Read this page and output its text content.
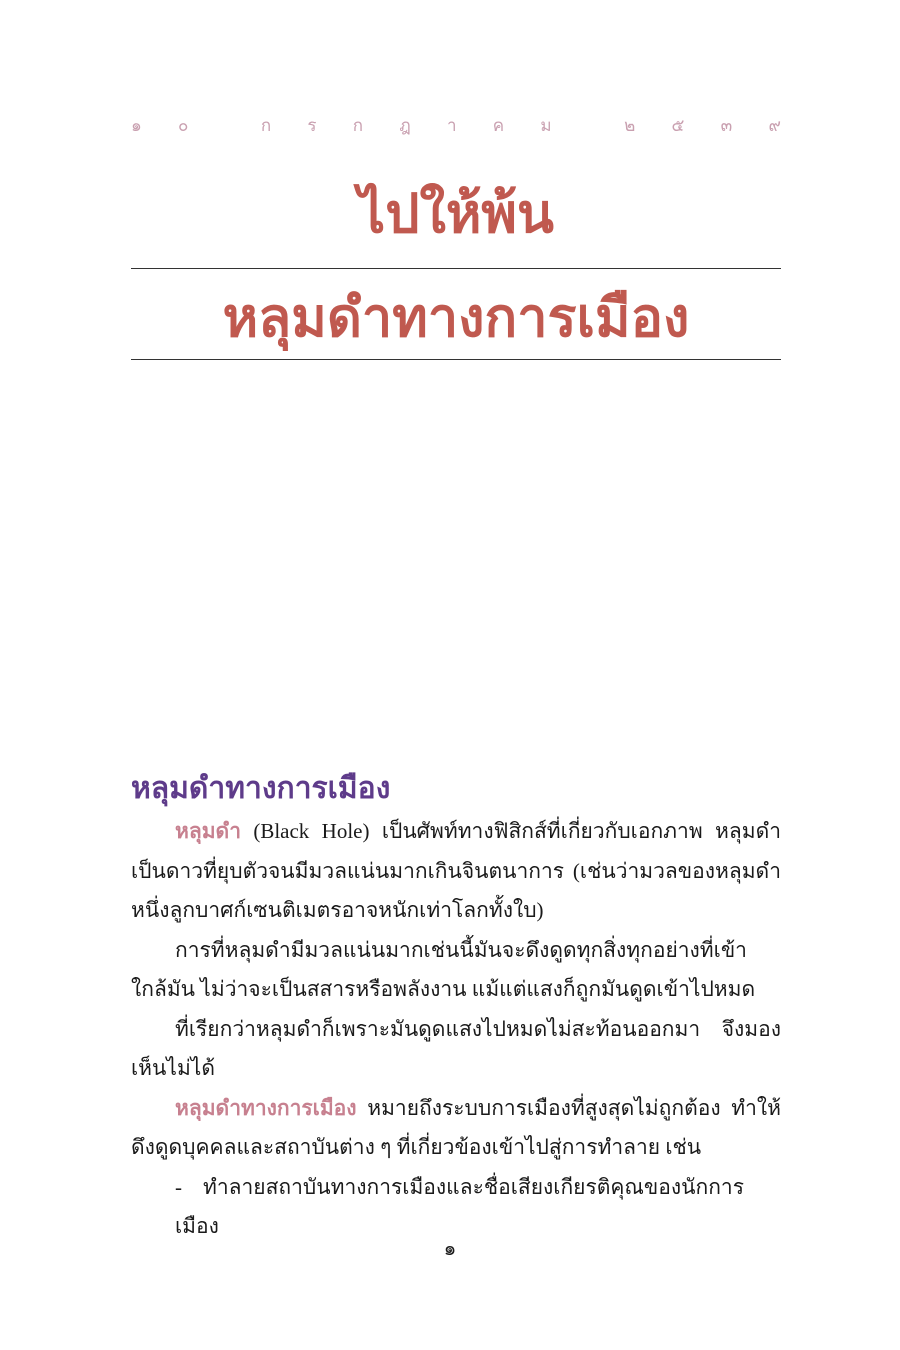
๑ ๐	ก ร ก ฎ า ค ม	๒ ๕ ๓ ๙
ไปให้พ้น
หลุมดำทางการเมือง
หลุมดำทางการเมือง

หลุมดำ (Black Hole) เป็นศัพท์ทางฟิสิกส์ที่เกี่ยวกับเอกภาพ หลุมดำเป็นดาวที่ยุบตัวจนมีมวลแน่นมากเกินจินตนาการ (เช่นว่ามวลของหลุมดำหนึ่งลูกบาศก์เซนติเมตรอาจหนักเท่าโลกทั้งใบ)

การที่หลุมดำมีมวลแน่นมากเช่นนี้มันจะดึงดูดทุกสิ่งทุกอย่างที่เข้าใกล้มัน ไม่ว่าจะเป็นสสารหรือพลังงาน แม้แต่แสงก็ถูกมันดูดเข้าไปหมด

ที่เรียกว่าหลุมดำก็เพราะมันดูดแสงไปหมดไม่สะท้อนออกมา จึงมองเห็นไม่ได้

หลุมดำทางการเมือง หมายถึงระบบการเมืองที่สูงสุดไม่ถูกต้อง ทำให้ดึงดูดบุคคลและสถาบันต่าง ๆ ที่เกี่ยวข้องเข้าไปสู่การทำลาย เช่น

- ทำลายสถาบันทางการเมืองและชื่อเสียงเกียรติคุณของนักการเมือง
๑
